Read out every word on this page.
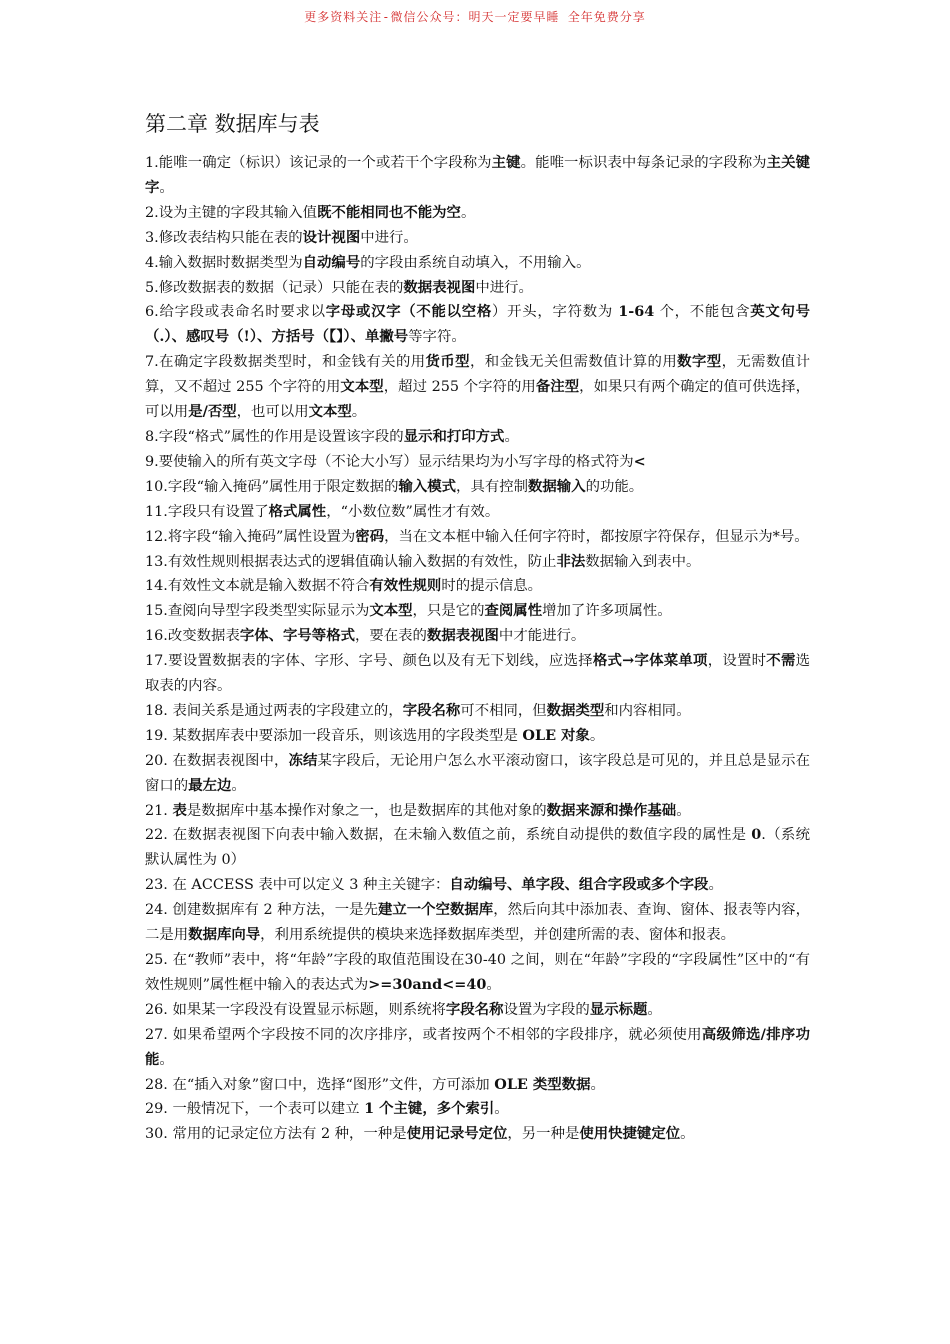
更多资料关注-微信公众号：明天一定要早睡 全年免费分享
第二章 数据库与表

1.能唯一确定（标识）该记录的一个或若干个字段称为主键。能唯一标识表中每条记录的字段称为主关键字。

2.设为主键的字段其输入值既不能相同也不能为空。

3.修改表结构只能在表的设计视图中进行。

4.输入数据时数据类型为自动编号的字段由系统自动填入，不用输入。

5.修改数据表的数据（记录）只能在表的数据表视图中进行。

6.给字段或表命名时要求以字母或汉字（不能以空格）开头，字符数为 1-64 个，不能包含英文句号（.）、感叹号（!）、方括号（【】）、单撇号等字符。

7.在确定字段数据类型时，和金钱有关的用货币型，和金钱无关但需数值计算的用数字型，无需数值计算，又不超过 255 个字符的用文本型，超过 255 个字符的用备注型，如果只有两个确定的值可供选择，可以用是/否型，也可以用文本型。

8.字段“格式”属性的作用是设置该字段的显示和打印方式。

9.要使输入的所有英文字母（不论大小写）显示结果均为小写字母的格式符为<

10.字段“输入掩码”属性用于限定数据的输入模式，具有控制数据输入的功能。

11.字段只有设置了格式属性，“小数位数”属性才有效。

12.将字段“输入掩码”属性设置为密码，当在文本框中输入任何字符时，都按原字符保存，但显示为*号。

13.有效性规则根据表达式的逻辑值确认输入数据的有效性，防止非法数据输入到表中。

14.有效性文本就是输入数据不符合有效性规则时的提示信息。

15.查阅向导型字段类型实际显示为文本型，只是它的查阅属性增加了许多项属性。

16.改变数据表字体、字号等格式，要在表的数据表视图中才能进行。

17.要设置数据表的字体、字形、字号、颜色以及有无下划线，应选择格式→字体菜单项，设置时不需选取表的内容。

18. 表间关系是通过两表的字段建立的，字段名称可不相同，但数据类型和内容相同。

19. 某数据库表中要添加一段音乐，则该选用的字段类型是 OLE 对象。

20. 在数据表视图中，冻结某字段后，无论用户怎么水平滚动窗口，该字段总是可见的，并且总是显示在窗口的最左边。

21. 表是数据库中基本操作对象之一，也是数据库的其他对象的数据来源和操作基础。

22. 在数据表视图下向表中输入数据，在未输入数值之前，系统自动提供的数值字段的属性是 0.（系统默认属性为 0）

23. 在 ACCESS 表中可以定义 3 种主关键字：自动编号、单字段、组合字段或多个字段。

24. 创建数据库有 2 种方法，一是先建立一个空数据库，然后向其中添加表、查询、窗体、报表等内容，二是用数据库向导，利用系统提供的模块来选择数据库类型，并创建所需的表、窗体和报表。

25. 在“教师”表中，将“年龄”字段的取值范围设在30-40 之间，则在“年龄”字段的“字段属性”区中的“有效性规则”属性框中输入的表达式为>=30and<=40。

26. 如果某一字段没有设置显示标题，则系统将字段名称设置为字段的显示标题。

27. 如果希望两个字段按不同的次序排序，或者按两个不相邻的字段排序，就必须使用高级筛选/排序功能。

28. 在“插入对象”窗口中，选择“图形”文件，方可添加 OLE 类型数据。

29. 一般情况下，一个表可以建立 1 个主键，多个索引。

30. 常用的记录定位方法有 2 种，一种是使用记录号定位，另一种是使用快捷键定位。
